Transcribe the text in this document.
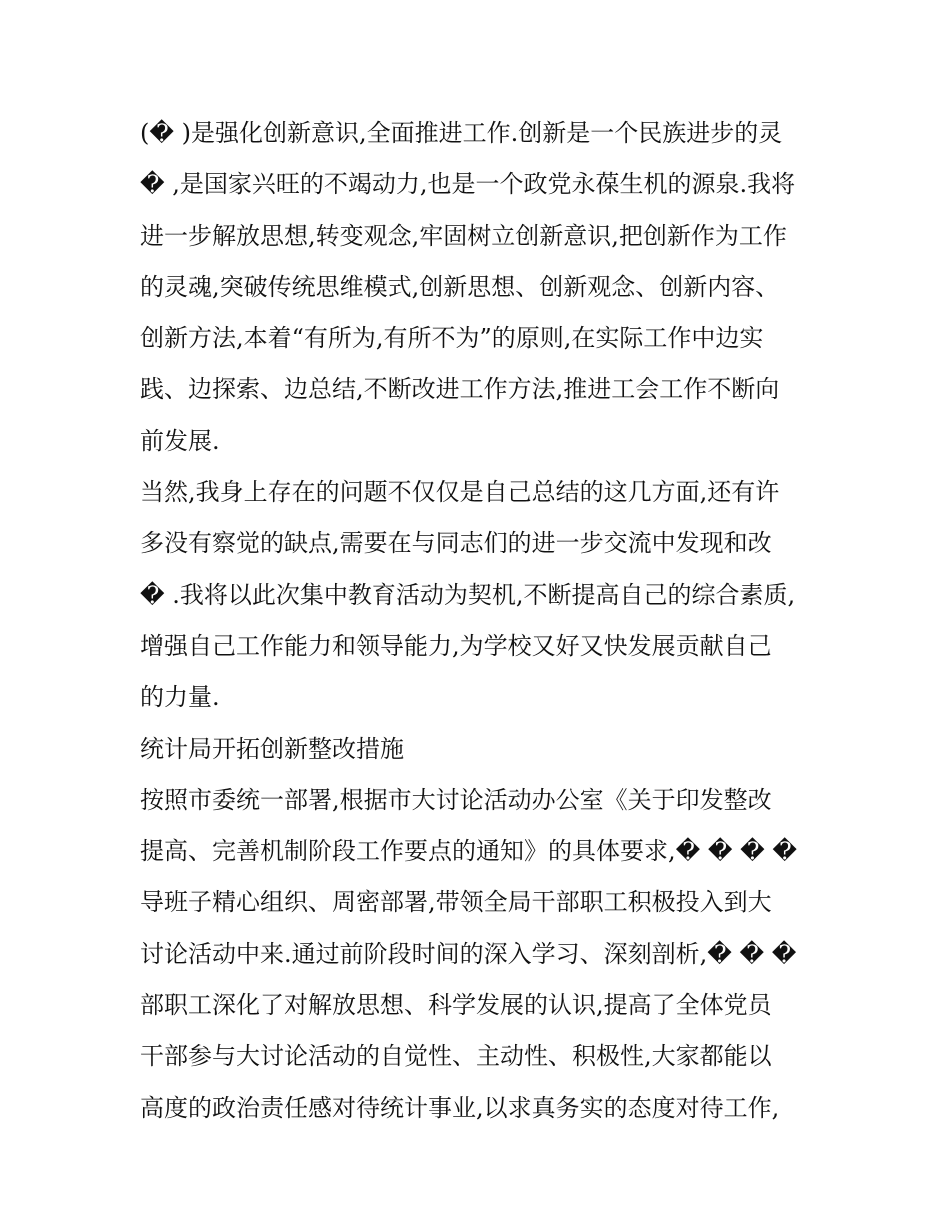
(� )是强化创新意识,全面推进工作.创新是一个民族进步的灵
� ,是国家兴旺的不竭动力,也是一个政党永葆生机的源泉.我将
进一步解放思想,转变观念,牢固树立创新意识,把创新作为工作
的灵魂,突破传统思维模式,创新思想、创新观念、创新内容、
创新方法,本着“有所为,有所不为”的原则,在实际工作中边实
践、边探索、边总结,不断改进工作方法,推进工会工作不断向
前发展.
当然,我身上存在的问题不仅仅是自己总结的这几方面,还有许
多没有察觉的缺点,需要在与同志们的进一步交流中发现和改
� .我将以此次集中教育活动为契机,不断提高自己的综合素质,
增强自己工作能力和领导能力,为学校又好又快发展贡献自己
的力量.
统计局开拓创新整改措施
按照市委统一部署,根据市大讨论活动办公室《关于印发整改
提高、完善机制阶段工作要点的通知》的具体要求,� � � �
导班子精心组织、周密部署,带领全局干部职工积极投入到大
讨论活动中来.通过前阶段时间的深入学习、深刻剖析,� � �
部职工深化了对解放思想、科学发展的认识,提高了全体党员
干部参与大讨论活动的自觉性、主动性、积极性,大家都能以
高度的政治责任感对待统计事业,以求真务实的态度对待工作,
